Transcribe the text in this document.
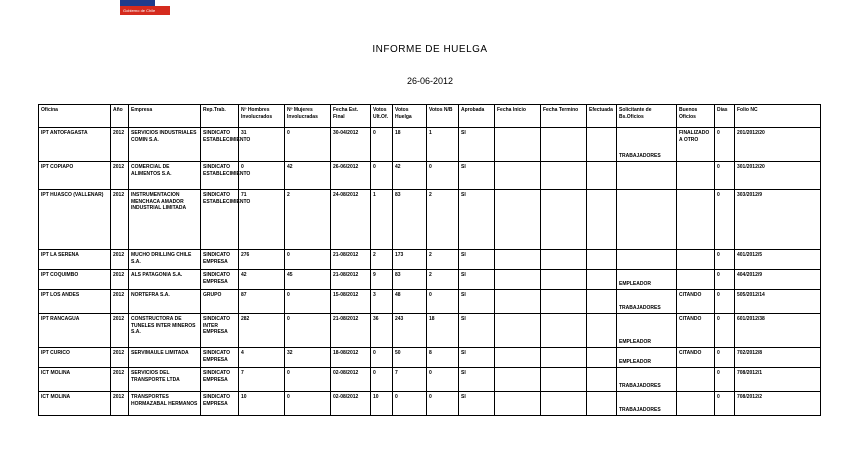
Gobierno de Chile
INFORME DE HUELGA
26-06-2012
Oficina	Año	Empresa	Rep.Trab.	Nº Hombres Involucrados	Nº Mujeres Involucradas	Fecha Est. Final	Votos Ult.Of.	Votos Huelga	Votos N/B	Aprobada	Fecha Inicio	Fecha Termino	Efectuada	Solicitante de Bs.Oficios	Buenos Oficios	Días	Folio NC
IPT ANTOFAGASTA	2012	SERVICIOS INDUSTRIALES COMIN S.A.	SINDICATO ESTABLECIMIENTO	31	0	30-04/2012	0	18	1	SI				TRABAJADORES	FINALIZADO A OTRO	0	201/2012/20
IPT COPIAPO	2012	COMERCIAL DE ALIMENTOS S.A.	SINDICATO ESTABLECIMIENTO	0	42	26-06/2012	0	42	0	SI						0	301/2012/20
IPT HUASCO (VALLENAR)	2012	INSTRUMENTACION MENCHACA AMADOR INDUSTRIAL LIMITADA	SINDICATO ESTABLECIMIENTO	71	2	24-08/2012	1	83	2	SI						0	303/2012/9
IPT LA SERENA	2012	MUCHO DRILLING CHILE S.A.	SINDICATO EMPRESA	276	0	21-08/2012	2	173	2	SI						0	401/2012/5
IPT COQUIMBO	2012	ALS PATAGONIA S.A.	SINDICATO EMPRESA	42	45	21-08/2012	9	83	2	SI				EMPLEADOR		0	404/2012/9
IPT LOS ANDES	2012	NORTEFRA S.A.	GRUPO	87	0	15-08/2012	3	48	0	SI				TRABAJADORES	CITANDO	0	505/2012/14
IPT RANCAGUA	2012	CONSTRUCTORA DE TUNELES INTER MINEROS S.A.	SINDICATO INTER EMPRESA	282	0	21-08/2012	36	243	18	SI				EMPLEADOR	CITANDO	0	601/2012/38
IPT CURICO	2012	SERVIMAULE LIMITADA	SINDICATO EMPRESA	4	32	18-08/2012	0	50	8	SI				EMPLEADOR	CITANDO	0	702/2012/8
ICT MOLINA	2012	SERVICIOS DEL TRANSPORTE LTDA	SINDICATO EMPRESA	7	0	02-08/2012	0	7	0	SI				TRABAJADORES		0	708/2012/1
ICT MOLINA	2012	TRANSPORTES HORMAZABAL HERMANOS	SINDICATO EMPRESA	10	0	02-08/2012	10	0	0	SI				TRABAJADORES		0	708/2012/2
